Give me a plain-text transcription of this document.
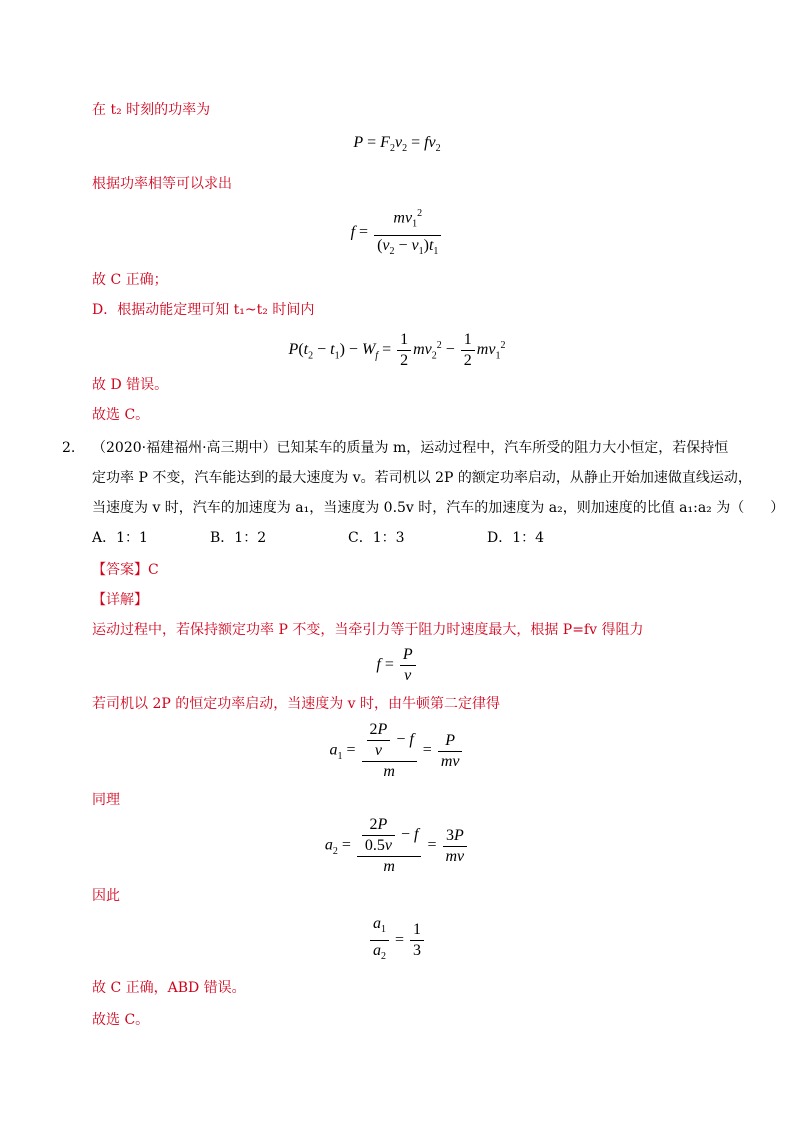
在 t₂ 时刻的功率为
$P = F_2v_2 = fv_2$
根据功率相等可以求出
$f = \frac{mv_1^2}{(v_2 - v_1)t_1}$
故 C 正确；
D．根据动能定理可知 t₁~t₂ 时间内
$P(t_2 - t_1) - W_f = \frac{1}{2} mv_2^2 - \frac{1}{2} mv_1^2$
故 D 错误。
故选 C。
2. （2020·福建福州·高三期中）已知某车的质量为 m，运动过程中，汽车所受的阻力大小恒定，若保持恒
定功率 P 不变，汽车能达到的最大速度为 v。若司机以 2P 的额定功率启动，从静止开始加速做直线运动，
当速度为 v 时，汽车的加速度为 a₁，当速度为 0.5v 时，汽车的加速度为 a₂，则加速度的比值 a₁:a₂ 为（ ）
A．1：1	B．1：2	C．1：3	D．1：4
【答案】C
【详解】
运动过程中，若保持额定功率 P 不变，当牵引力等于阻力时速度最大，根据 P=fv 得阻力
$f = \frac{P}{v}$
若司机以 2P 的恒定功率启动，当速度为 v 时，由牛顿第二定律得
$a_1 = \frac{\frac{2P}{v} - f}{m} = \frac{P}{mv}$
同理
$a_2 = \frac{\frac{2P}{0.5v} - f}{m} = \frac{3P}{mv}$
因此
$\frac{a_1}{a_2} = \frac{1}{3}$
故 C 正确，ABD 错误。
故选 C。
